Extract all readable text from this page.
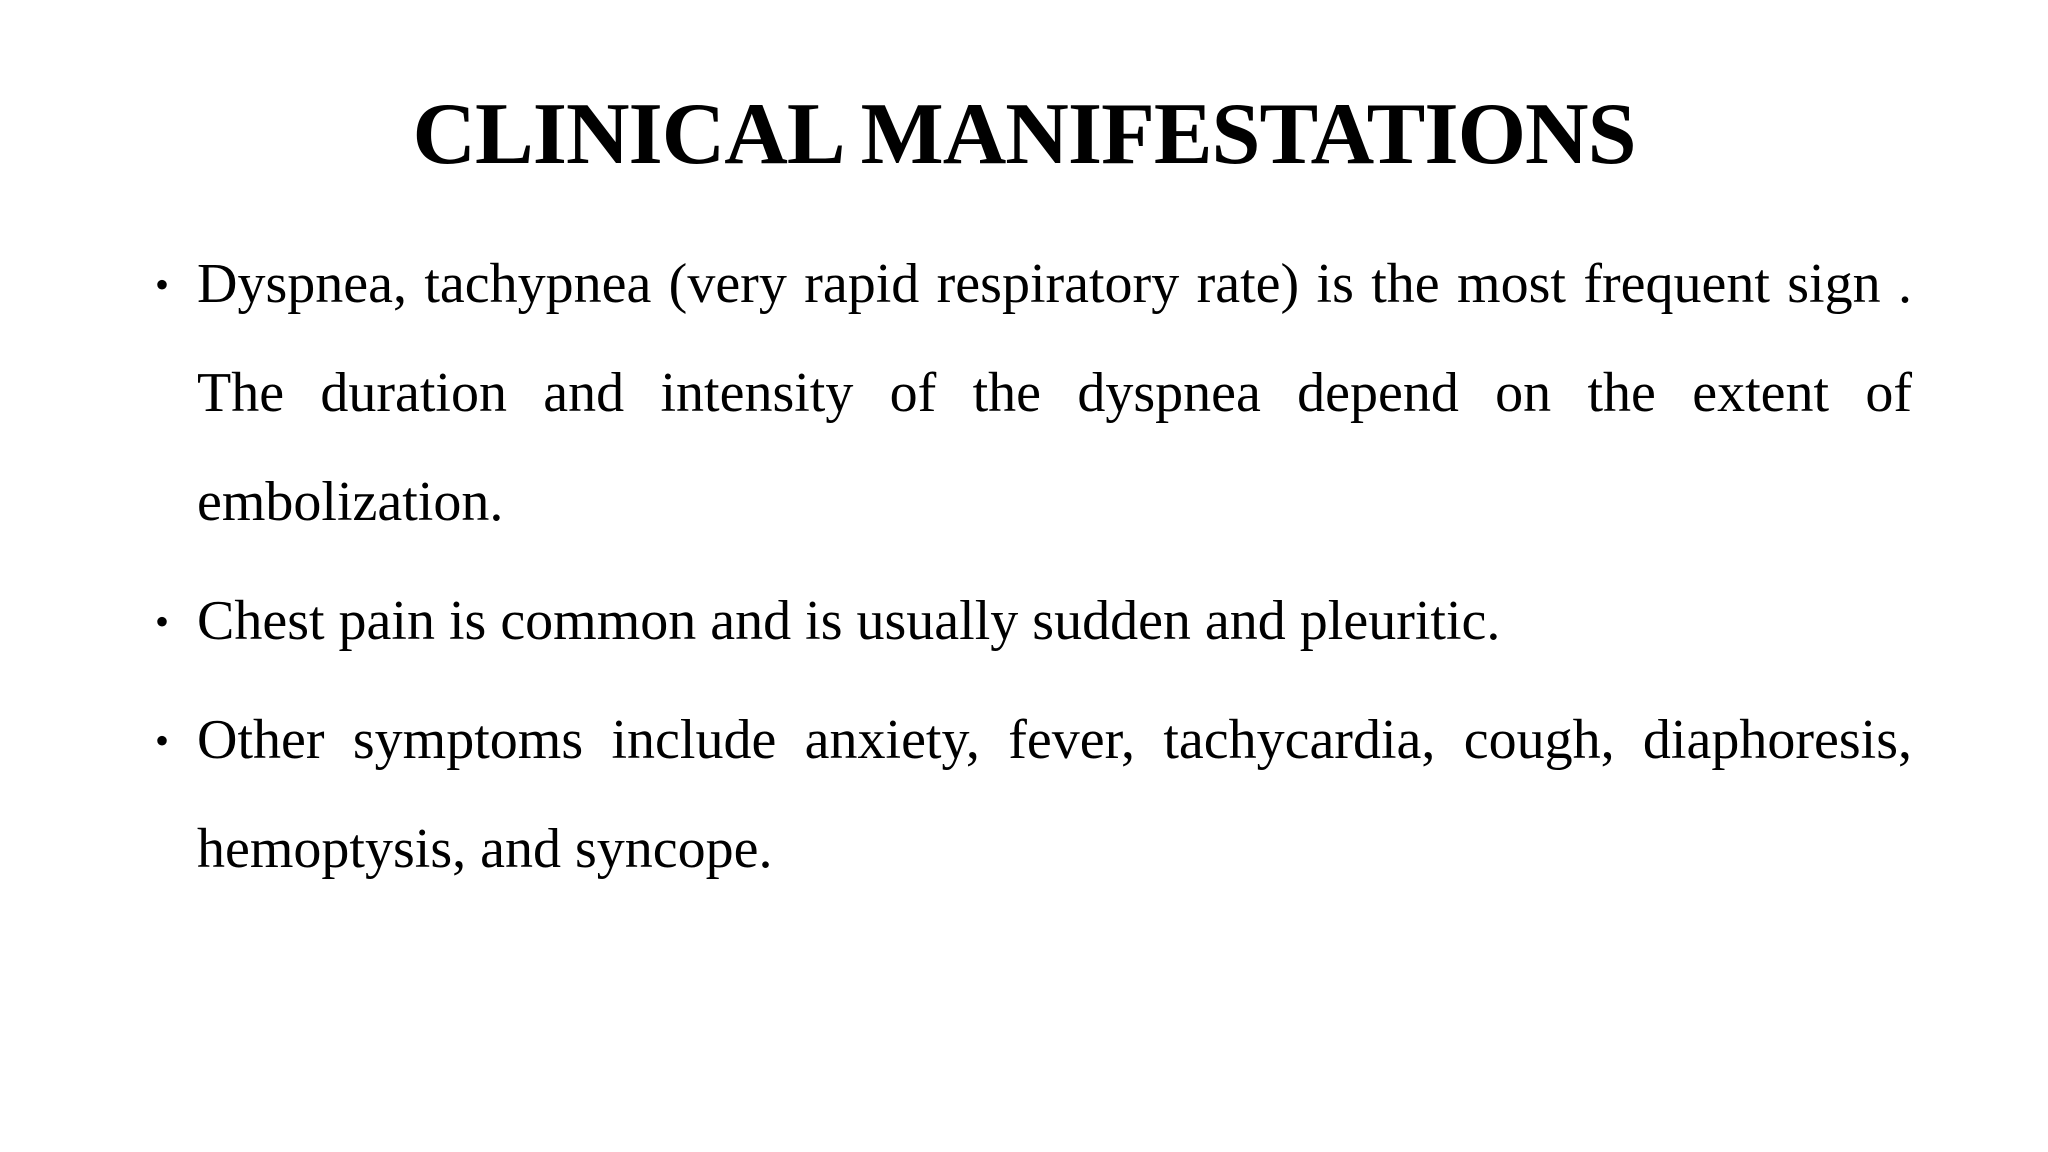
CLINICAL MANIFESTATIONS
• Dyspnea, tachypnea (very rapid respiratory rate) is the most frequent sign . The duration and intensity of the dyspnea depend on the extent of embolization.
• Chest pain is common and is usually sudden and pleuritic.
• Other symptoms include anxiety, fever, tachycardia, cough, diaphoresis, hemoptysis, and syncope.
